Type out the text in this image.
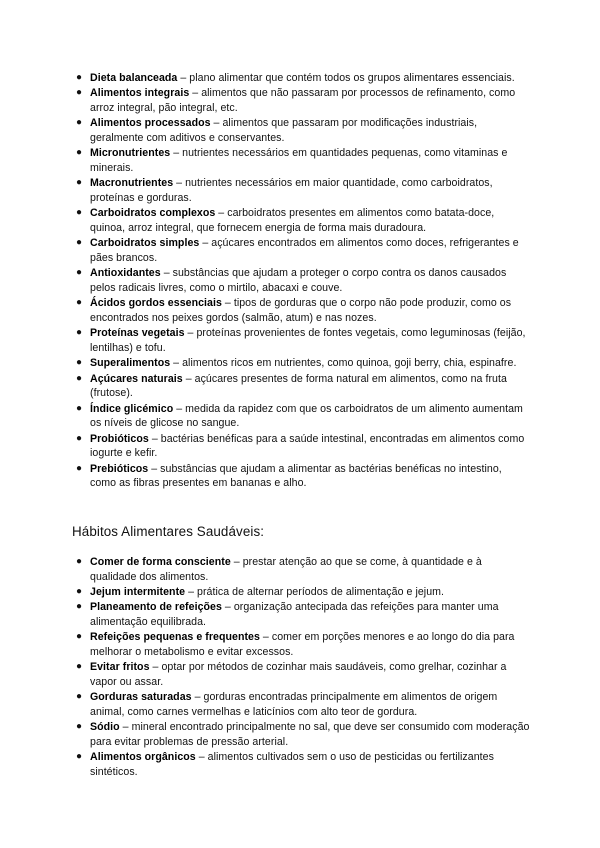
● Dieta balanceada – plano alimentar que contém todos os grupos alimentares essenciais.
● Alimentos integrais – alimentos que não passaram por processos de refinamento, como arroz integral, pão integral, etc.
● Alimentos processados – alimentos que passaram por modificações industriais, geralmente com aditivos e conservantes.
● Micronutrientes – nutrientes necessários em quantidades pequenas, como vitaminas e minerais.
● Macronutrientes – nutrientes necessários em maior quantidade, como carboidratos, proteínas e gorduras.
● Carboidratos complexos – carboidratos presentes em alimentos como batata-doce, quinoa, arroz integral, que fornecem energia de forma mais duradoura.
● Carboidratos simples – açúcares encontrados em alimentos como doces, refrigerantes e pães brancos.
● Antioxidantes – substâncias que ajudam a proteger o corpo contra os danos causados pelos radicais livres, como o mirtilo, abacaxi e couve.
● Ácidos gordos essenciais – tipos de gorduras que o corpo não pode produzir, como os encontrados nos peixes gordos (salmão, atum) e nas nozes.
● Proteínas vegetais – proteínas provenientes de fontes vegetais, como leguminosas (feijão, lentilhas) e tofu.
● Superalimentos – alimentos ricos em nutrientes, como quinoa, goji berry, chia, espinafre.
● Açúcares naturais – açúcares presentes de forma natural em alimentos, como na fruta (frutose).
● Índice glicémico – medida da rapidez com que os carboidratos de um alimento aumentam os níveis de glicose no sangue.
● Probióticos – bactérias benéficas para a saúde intestinal, encontradas em alimentos como iogurte e kefir.
● Prebióticos – substâncias que ajudam a alimentar as bactérias benéficas no intestino, como as fibras presentes em bananas e alho.
Hábitos Alimentares Saudáveis:
● Comer de forma consciente – prestar atenção ao que se come, à quantidade e à qualidade dos alimentos.
● Jejum intermitente – prática de alternar períodos de alimentação e jejum.
● Planeamento de refeições – organização antecipada das refeições para manter uma alimentação equilibrada.
● Refeições pequenas e frequentes – comer em porções menores e ao longo do dia para melhorar o metabolismo e evitar excessos.
● Evitar fritos – optar por métodos de cozinhar mais saudáveis, como grelhar, cozinhar a vapor ou assar.
● Gorduras saturadas – gorduras encontradas principalmente em alimentos de origem animal, como carnes vermelhas e laticínios com alto teor de gordura.
● Sódio – mineral encontrado principalmente no sal, que deve ser consumido com moderação para evitar problemas de pressão arterial.
● Alimentos orgânicos – alimentos cultivados sem o uso de pesticidas ou fertilizantes sintéticos.
